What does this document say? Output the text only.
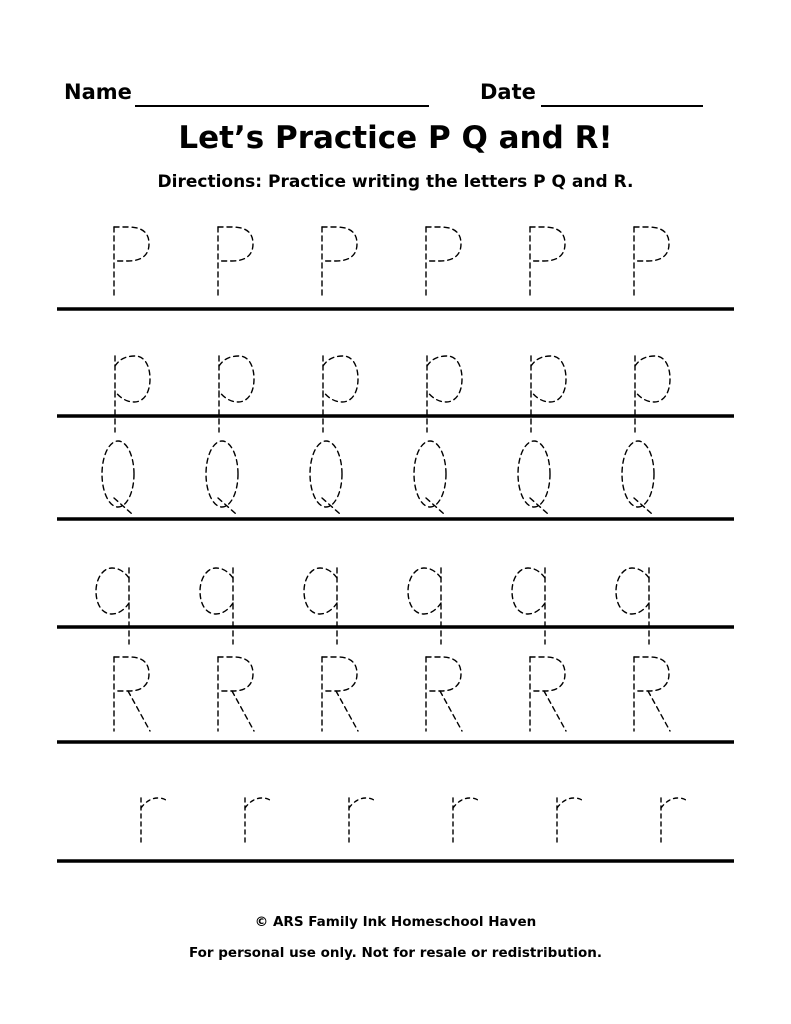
Name	Date
Let’s Practice P Q and R!
Directions: Practice writing the letters P Q and R.
© ARS Family Ink Homeschool Haven
For personal use only. Not for resale or redistribution.
